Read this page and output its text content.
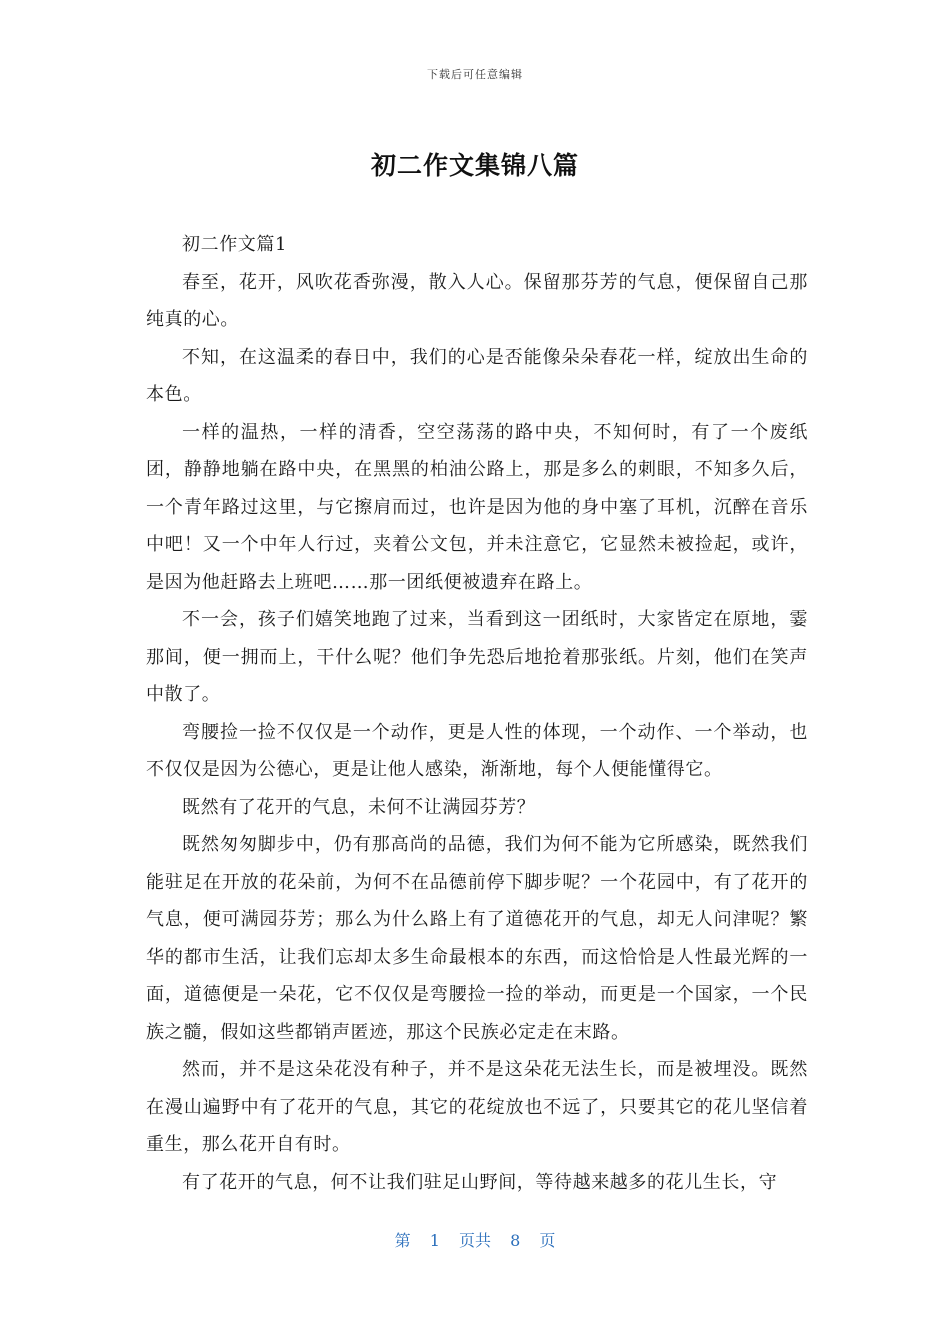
下载后可任意编辑
初二作文集锦八篇

初二作文篇1

春至，花开，风吹花香弥漫，散入人心。保留那芬芳的气息，便保留自己那纯真的心。

不知，在这温柔的春日中，我们的心是否能像朵朵春花一样，绽放出生命的本色。

一样的温热，一样的清香，空空荡荡的路中央，不知何时，有了一个废纸团，静静地躺在路中央，在黑黑的柏油公路上，那是多么的刺眼，不知多久后，一个青年路过这里，与它擦肩而过，也许是因为他的身中塞了耳机，沉醉在音乐中吧！又一个中年人行过，夹着公文包，并未注意它，它显然未被捡起，或许，是因为他赶路去上班吧……那一团纸便被遗弃在路上。

不一会，孩子们嬉笑地跑了过来，当看到这一团纸时，大家皆定在原地，霎那间，便一拥而上，干什么呢？他们争先恐后地抢着那张纸。片刻，他们在笑声中散了。

弯腰捡一捡不仅仅是一个动作，更是人性的体现，一个动作、一个举动，也不仅仅是因为公德心，更是让他人感染，渐渐地，每个人便能懂得它。

既然有了花开的气息，未何不让满园芬芳？

既然匆匆脚步中，仍有那高尚的品德，我们为何不能为它所感染，既然我们能驻足在开放的花朵前，为何不在品德前停下脚步呢？一个花园中，有了花开的气息，便可满园芬芳；那么为什么路上有了道德花开的气息，却无人问津呢？繁华的都市生活，让我们忘却太多生命最根本的东西，而这恰恰是人性最光辉的一面，道德便是一朵花，它不仅仅是弯腰捡一捡的举动，而更是一个国家，一个民族之髓，假如这些都销声匿迹，那这个民族必定走在末路。

然而，并不是这朵花没有种子，并不是这朵花无法生长，而是被埋没。既然在漫山遍野中有了花开的气息，其它的花绽放也不远了，只要其它的花儿坚信着重生，那么花开自有时。

有了花开的气息，何不让我们驻足山野间，等待越来越多的花儿生长，守

第 1 页共 8 页
